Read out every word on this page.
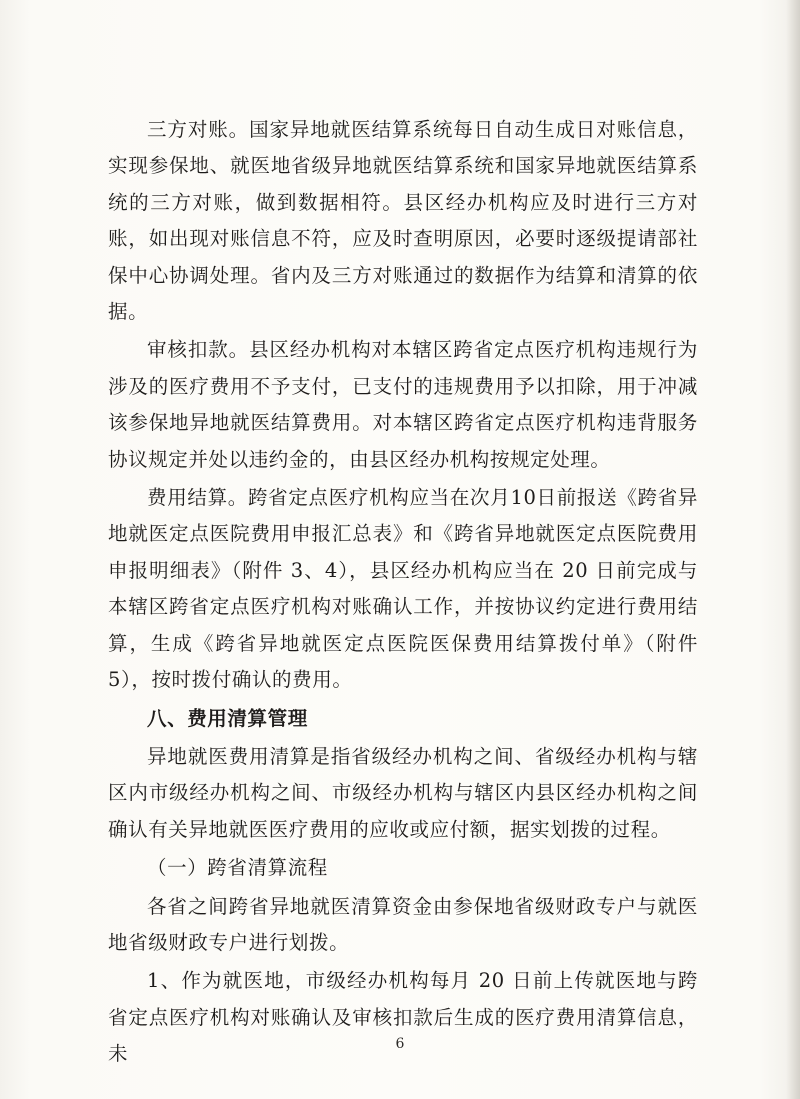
三方对账。国家异地就医结算系统每日自动生成日对账信息，实现参保地、就医地省级异地就医结算系统和国家异地就医结算系统的三方对账，做到数据相符。县区经办机构应及时进行三方对账，如出现对账信息不符，应及时查明原因，必要时逐级提请部社保中心协调处理。省内及三方对账通过的数据作为结算和清算的依据。

审核扣款。县区经办机构对本辖区跨省定点医疗机构违规行为涉及的医疗费用不予支付，已支付的违规费用予以扣除，用于冲减该参保地异地就医结算费用。对本辖区跨省定点医疗机构违背服务协议规定并处以违约金的，由县区经办机构按规定处理。

费用结算。跨省定点医疗机构应当在次月10日前报送《跨省异地就医定点医院费用申报汇总表》和《跨省异地就医定点医院费用申报明细表》（附件 3、4），县区经办机构应当在 20 日前完成与本辖区跨省定点医疗机构对账确认工作，并按协议约定进行费用结算，生成《跨省异地就医定点医院医保费用结算拨付单》（附件 5），按时拨付确认的费用。

八、费用清算管理

异地就医费用清算是指省级经办机构之间、省级经办机构与辖区内市级经办机构之间、市级经办机构与辖区内县区经办机构之间确认有关异地就医医疗费用的应收或应付额，据实划拨的过程。

（一）跨省清算流程

各省之间跨省异地就医清算资金由参保地省级财政专户与就医地省级财政专户进行划拨。

1、作为就医地，市级经办机构每月 20 日前上传就医地与跨省定点医疗机构对账确认及审核扣款后生成的医疗费用清算信息，未	6
